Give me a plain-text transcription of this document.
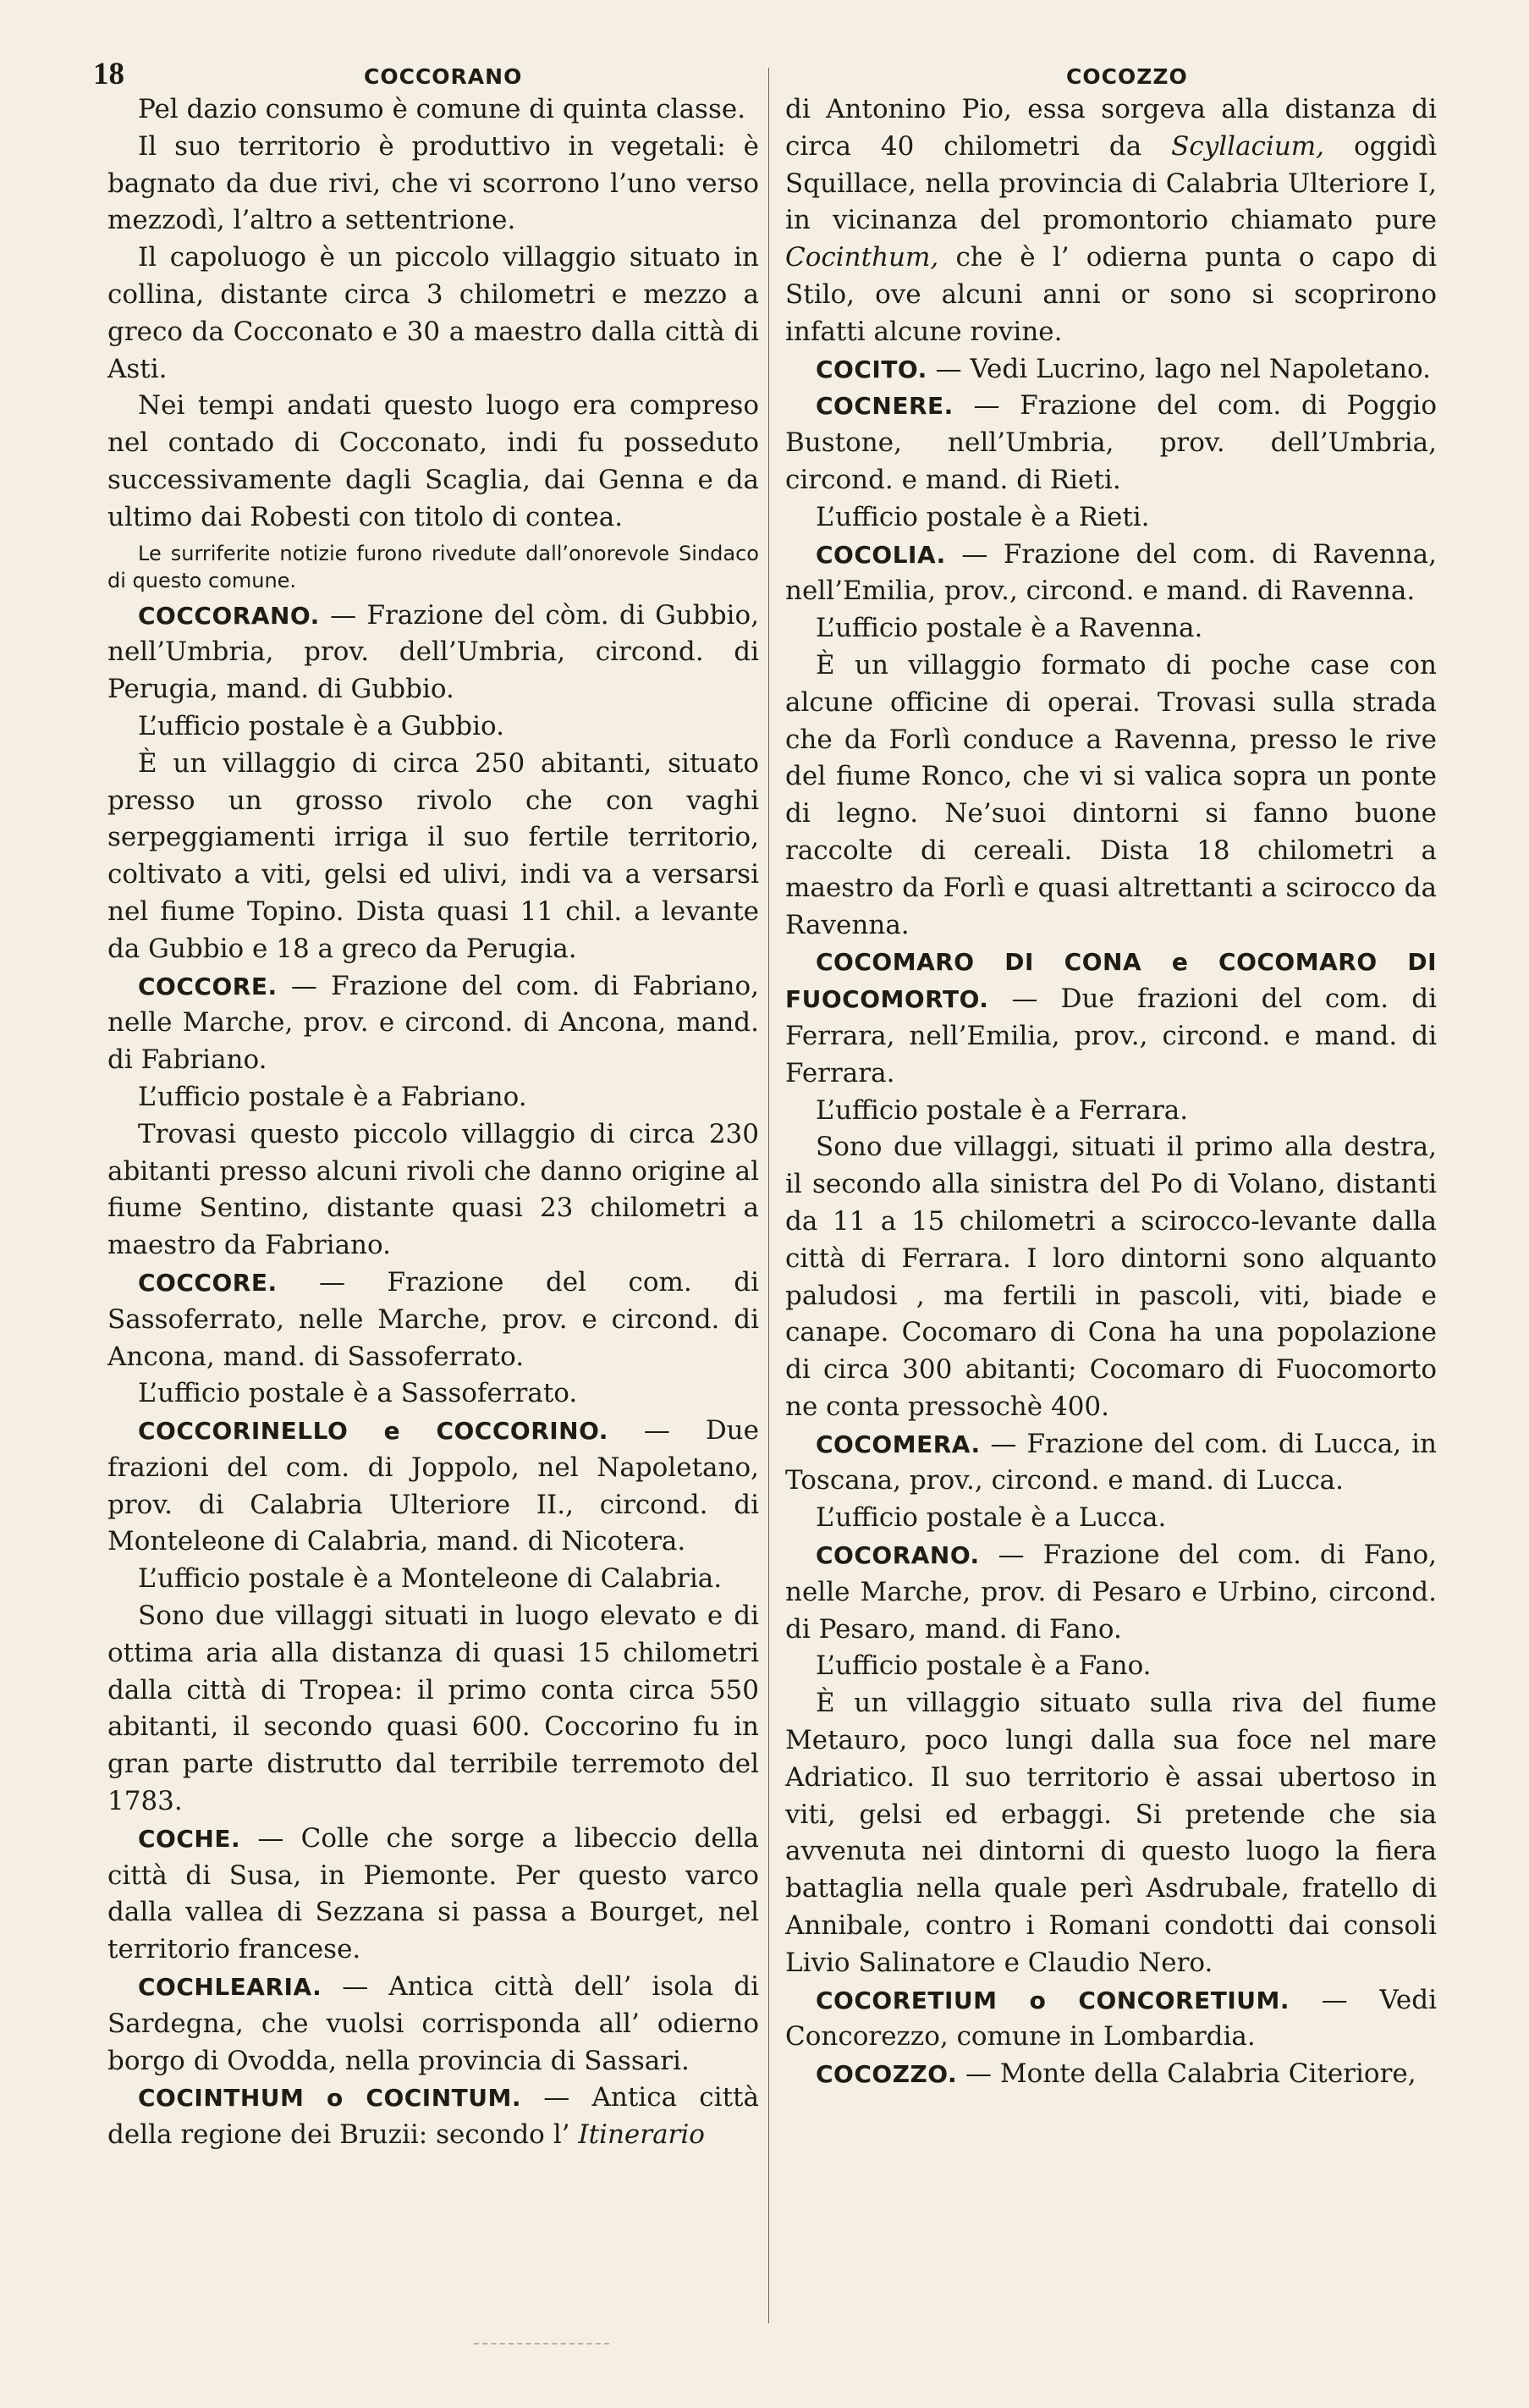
18	COCCORANO	COCOZZO

Pel dazio consumo è comune di quinta classe.

Il suo territorio è produttivo in vegetali: è bagnato da due rivi, che vi scorrono l’uno verso mezzodì, l’altro a settentrione.

Il capoluogo è un piccolo villaggio situato in collina, distante circa 3 chilometri e mezzo a greco da Cocconato e 30 a maestro dalla città di Asti.

Nei tempi andati questo luogo era compreso nel contado di Cocconato, indi fu posseduto successivamente dagli Scaglia, dai Genna e da ultimo dai Robesti con titolo di contea.

Le surriferite notizie furono rivedute dall’onorevole Sindaco di questo comune.

COCCORANO. — Frazione del còm. di Gubbio, nell’Umbria, prov. dell’Umbria, circond. di Perugia, mand. di Gubbio.

L’ufficio postale è a Gubbio.

È un villaggio di circa 250 abitanti, situato presso un grosso rivolo che con vaghi serpeggiamenti irriga il suo fertile territorio, coltivato a viti, gelsi ed ulivi, indi va a versarsi nel fiume Topino. Dista quasi 11 chil. a levante da Gubbio e 18 a greco da Perugia.

COCCORE. — Frazione del com. di Fabriano, nelle Marche, prov. e circond. di Ancona, mand. di Fabriano.

L’ufficio postale è a Fabriano.

Trovasi questo piccolo villaggio di circa 230 abitanti presso alcuni rivoli che danno origine al fiume Sentino, distante quasi 23 chilometri a maestro da Fabriano.

COCCORE. — Frazione del com. di Sassoferrato, nelle Marche, prov. e circond. di Ancona, mand. di Sassoferrato.

L’ufficio postale è a Sassoferrato.

COCCORINELLO e COCCORINO. — Due frazioni del com. di Joppolo, nel Napoletano, prov. di Calabria Ulteriore II., circond. di Monteleone di Calabria, mand. di Nicotera.

L’ufficio postale è a Monteleone di Calabria.

Sono due villaggi situati in luogo elevato e di ottima aria alla distanza di quasi 15 chilometri dalla città di Tropea: il primo conta circa 550 abitanti, il secondo quasi 600. Coccorino fu in gran parte distrutto dal terribile terremoto del 1783.

COCHE. — Colle che sorge a libeccio della città di Susa, in Piemonte. Per questo varco dalla vallea di Sezzana si passa a Bourget, nel territorio francese.

COCHLEARIA. — Antica città dell’ isola di Sardegna, che vuolsi corrisponda all’ odierno borgo di Ovodda, nella provincia di Sassari.

COCINTHUM o COCINTUM. — Antica città della regione dei Bruzii: secondo l’ Itinerario

di Antonino Pio, essa sorgeva alla distanza di circa 40 chilometri da Scyllacium, oggidì Squillace, nella provincia di Calabria Ulteriore I, in vicinanza del promontorio chiamato pure Cocinthum, che è l’ odierna punta o capo di Stilo, ove alcuni anni or sono si scoprirono infatti alcune rovine.

COCITO. — Vedi Lucrino, lago nel Napoletano.

COCNERE. — Frazione del com. di Poggio Bustone, nell’Umbria, prov. dell’Umbria, circond. e mand. di Rieti.

L’ufficio postale è a Rieti.

COCOLIA. — Frazione del com. di Ravenna, nell’Emilia, prov., circond. e mand. di Ravenna.

L’ufficio postale è a Ravenna.

È un villaggio formato di poche case con alcune officine di operai. Trovasi sulla strada che da Forlì conduce a Ravenna, presso le rive del fiume Ronco, che vi si valica sopra un ponte di legno. Ne’suoi dintorni si fanno buone raccolte di cereali. Dista 18 chilometri a maestro da Forlì e quasi altrettanti a scirocco da Ravenna.

COCOMARO DI CONA e COCOMARO DI FUOCOMORTO. — Due frazioni del com. di Ferrara, nell’Emilia, prov., circond. e mand. di Ferrara.

L’ufficio postale è a Ferrara.

Sono due villaggi, situati il primo alla destra, il secondo alla sinistra del Po di Volano, distanti da 11 a 15 chilometri a scirocco-levante dalla città di Ferrara. I loro dintorni sono alquanto paludosi , ma fertili in pascoli, viti, biade e canape. Cocomaro di Cona ha una popolazione di circa 300 abitanti; Cocomaro di Fuocomorto ne conta pressochè 400.

COCOMERA. — Frazione del com. di Lucca, in Toscana, prov., circond. e mand. di Lucca.

L’ufficio postale è a Lucca.

COCORANO. — Frazione del com. di Fano, nelle Marche, prov. di Pesaro e Urbino, circond. di Pesaro, mand. di Fano.

L’ufficio postale è a Fano.

È un villaggio situato sulla riva del fiume Metauro, poco lungi dalla sua foce nel mare Adriatico. Il suo territorio è assai ubertoso in viti, gelsi ed erbaggi. Si pretende che sia avvenuta nei dintorni di questo luogo la fiera battaglia nella quale perì Asdrubale, fratello di Annibale, contro i Romani condotti dai consoli Livio Salinatore e Claudio Nero.

COCORETIUM o CONCORETIUM. — Vedi Concorezzo, comune in Lombardia.

COCOZZO. — Monte della Calabria Citeriore,
